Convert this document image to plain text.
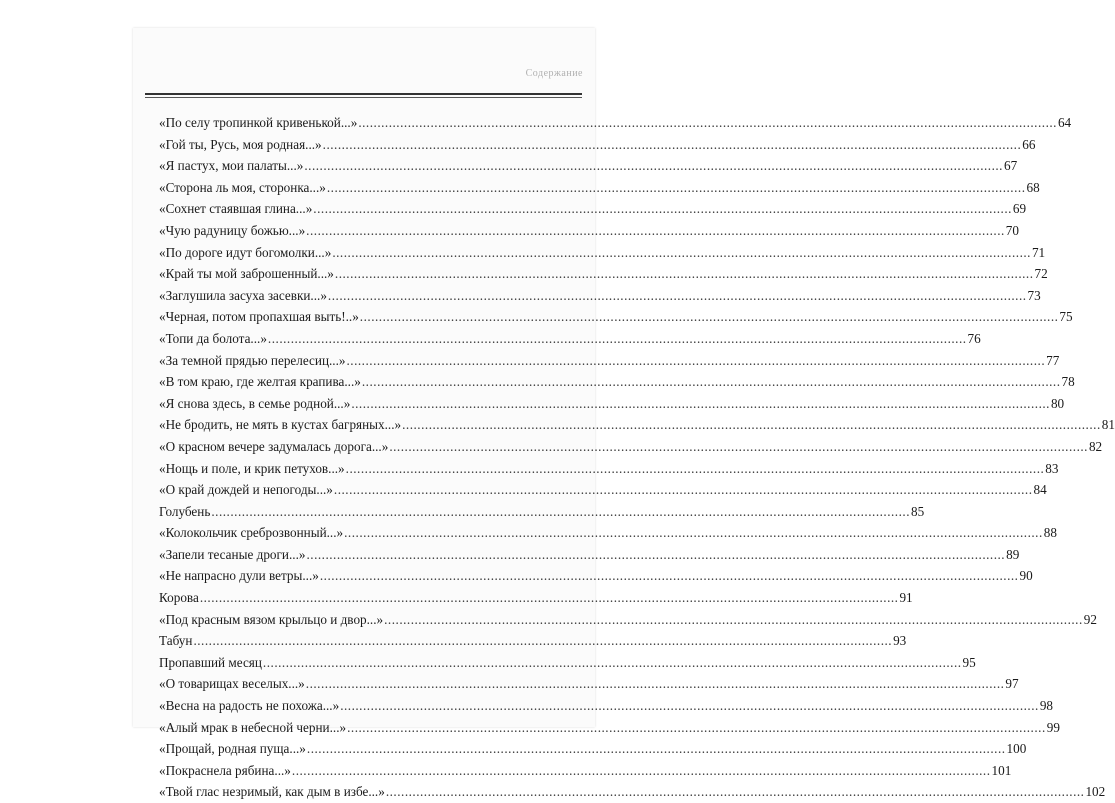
Содержание
«По селу тропинкой кривенькой...» .....	64
«Гой ты, Русь, моя родная...» .....	66
«Я пастух, мои палаты...» .....	67
«Сторона ль моя, сторонка...» .....	68
«Сохнет стаявшая глина...» .....	69
«Чую радуницу божью...» .....	70
«По дороге идут богомолки...» .....	71
«Край ты мой заброшенный...» .....	72
«Заглушила засуха засевки...» .....	73
«Черная, потом пропахшая выть!..» .....	75
«Топи да болота...» .....	76
«За темной прядью перелесиц...» .....	77
«В том краю, где желтая крапива...» .....	78
«Я снова здесь, в семье родной...» .....	80
«Не бродить, не мять в кустах багряных...» .....	81
«О красном вечере задумалась дорога...» .....	82
«Нощь и поле, и крик петухов...» .....	83
«О край дождей и непогоды...» .....	84
Голубень .....	85
«Колокольчик среброзвонный...» .....	88
«Запели тесаные дроги...» .....	89
«Не напрасно дули ветры...» .....	90
Корова .....	91
«Под красным вязом крыльцо и двор...» .....	92
Табун .....	93
Пропавший месяц .....	95
«О товарищах веселых...» .....	97
«Весна на радость не похожа...» .....	98
«Алый мрак в небесной черни...» .....	99
«Прощай, родная пуща...» .....	100
«Покраснела рябина...» .....	101
«Твой глас незримый, как дым в избе...» .....	102
